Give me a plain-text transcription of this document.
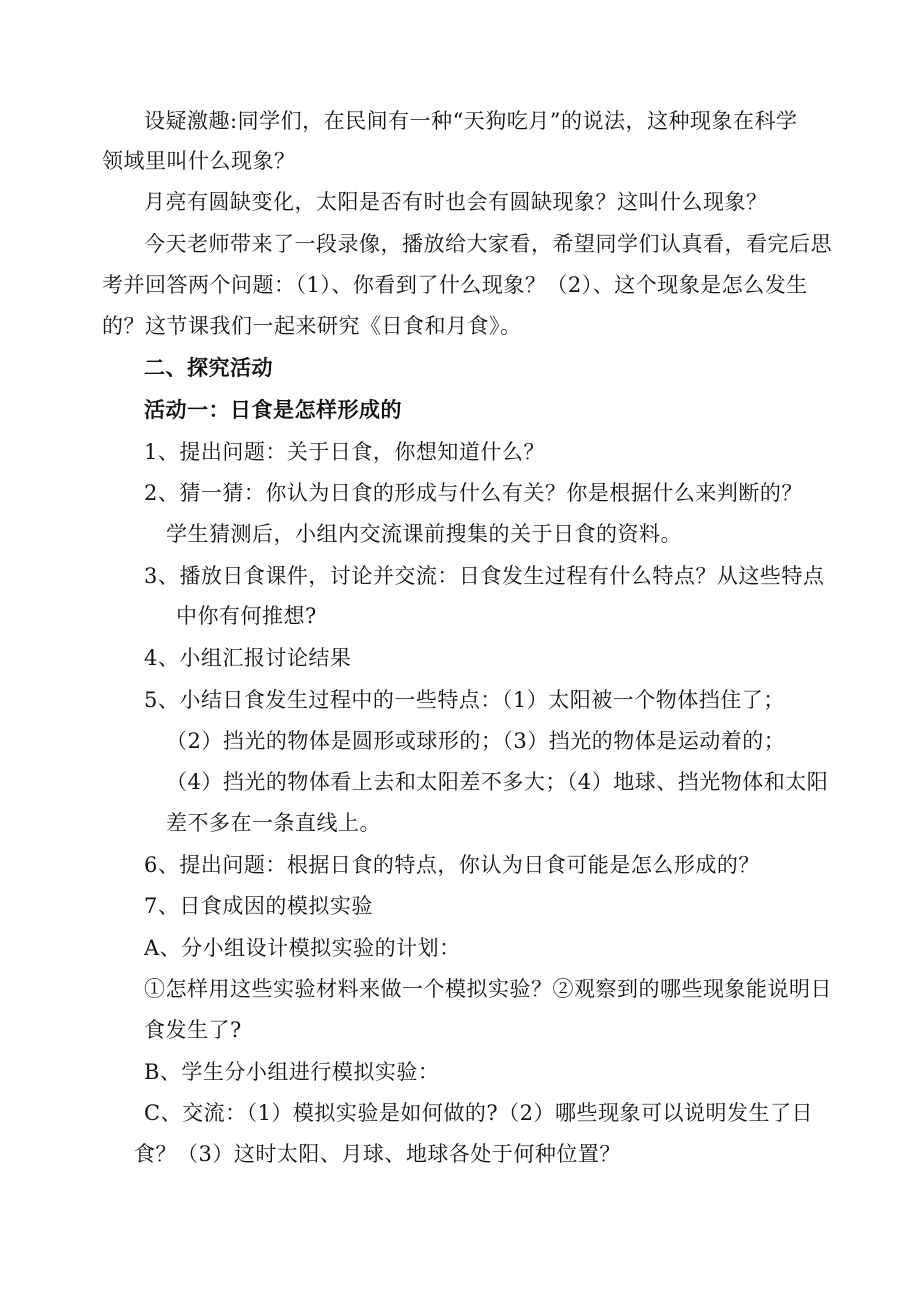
设疑激趣:同学们，在民间有一种“天狗吃月”的说法，这种现象在科学
领域里叫什么现象？
月亮有圆缺变化，太阳是否有时也会有圆缺现象？这叫什么现象？
今天老师带来了一段录像，播放给大家看，希望同学们认真看，看完后思
考并回答两个问题：（1）、你看到了什么现象？（2）、这个现象是怎么发生
的？这节课我们一起来研究《日食和月食》。
二、探究活动
活动一：日食是怎样形成的
1、提出问题：关于日食，你想知道什么？
2、猜一猜：你认为日食的形成与什么有关？你是根据什么来判断的？
学生猜测后，小组内交流课前搜集的关于日食的资料。
3、播放日食课件，讨论并交流：日食发生过程有什么特点？从这些特点
中你有何推想?
4、小组汇报讨论结果
5、小结日食发生过程中的一些特点：（1）太阳被一个物体挡住了；
（2）挡光的物体是圆形或球形的；（3）挡光的物体是运动着的；
（4）挡光的物体看上去和太阳差不多大；（4）地球、挡光物体和太阳
差不多在一条直线上。
6、提出问题：根据日食的特点，你认为日食可能是怎么形成的？
7、日食成因的模拟实验
A、分小组设计模拟实验的计划：
①怎样用这些实验材料来做一个模拟实验？②观察到的哪些现象能说明日
食发生了?
B、学生分小组进行模拟实验：
C、交流：（1）模拟实验是如何做的?（2）哪些现象可以说明发生了日
食？（3）这时太阳、月球、地球各处于何种位置？
